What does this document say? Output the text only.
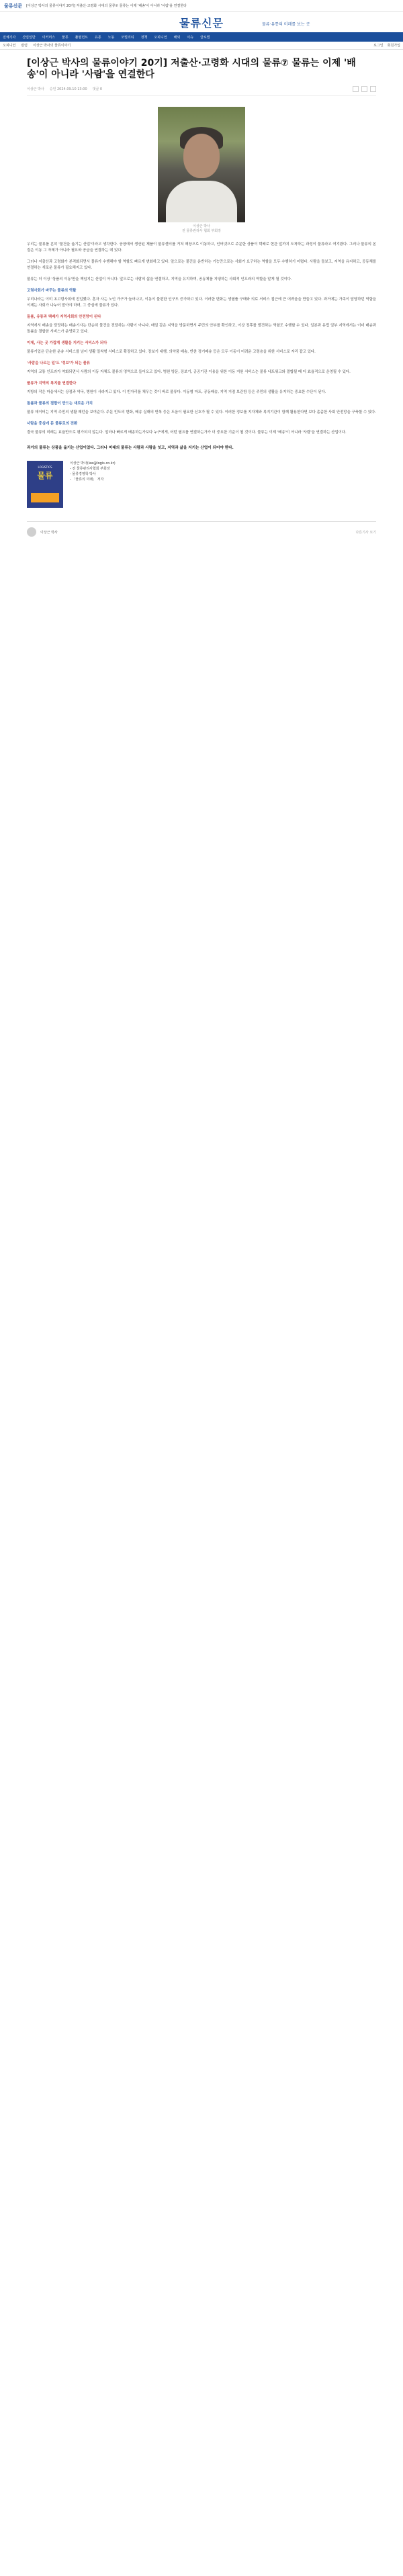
물류신문 [이상근 박사의 물류이야기 20기] 저출산·고령화 시대의 물류⑦ 물류는 이제 '배송'이 아니라 '사람'을 연결한다
물류신문	물류·유통의 미래를 보는 곳
전체기사 산업일반 이커머스 물류 풀필먼트 유통 노동 모빌리티 정책 오피니언 해외 이슈 글로벌
오피니언 칼럼 이상근 박사의 물류이야기	로그인 회원가입
[이상근 박사의 물류이야기 20기] 저출산·고령화 시대의 물류⑦ 물류는 이제 '배송'이 아니라 '사람'을 연결한다
이상근 박사 승인 2024.09.10 13:00 댓글 0
이상근 박사
전 물류관리사 협회 부회장

우리는 물류를 흔히 '물건을 옮기는 산업'이라고 생각한다. 공장에서 생산된 제품이 물류센터를 거쳐 매장으로 이동하고, 인터넷으로 주문한 상품이 택배로 현관 앞까지 도착하는 과정이 물류라고 여겨왔다. 그러나 물류의 본질은 이동 그 자체가 아니라 필요와 공급을 연결하는 데 있다.

그러나 저출산과 고령화가 본격화되면서 물류가 수행해야 할 역할도 빠르게 변화하고 있다. 앞으로는 물건을 운반하는 기능만으로는 사회가 요구하는 역할을 모두 수행하기 어렵다. 사람을 돌보고, 지역을 유지하고, 공동체를 연결하는 새로운 물류가 필요해지고 있다.

물류는 더 이상 '상품의 이동'만을 책임지는 산업이 아니다. 앞으로는 사람의 삶을 연결하고, 지역을 유지하며, 공동체를 지탱하는 사회적 인프라의 역할을 맡게 될 것이다.

고령사회가 바꾸는 물류의 역할

우리나라는 이미 초고령사회에 진입했다. 혼자 사는 노인 가구가 늘어나고, 이동이 불편한 인구도 증가하고 있다. 이러한 변화는 생필품 구매와 의료 서비스 접근에 큰 어려움을 만들고 있다. 과거에는 가족이 담당하던 역할을 이제는 사회가 나누어 맡아야 하며, 그 중심에 물류가 있다.

돌봄, 유통과 택배가 지역사회의 안전망이 된다

지역에서 배송을 담당하는 배송기사는 단순히 물건을 전달하는 사람이 아니다. 매일 같은 지역을 방문하면서 주민의 안부를 확인하고, 이상 징후를 발견하는 역할도 수행할 수 있다. 일본과 유럽 일부 지역에서는 이미 배송과 돌봄을 결합한 서비스가 운영되고 있다.

이제, 사는 곳 가깝게 생활을 지키는 서비스가 되다

물류기업은 단순한 운송 서비스를 넘어 생활 밀착형 서비스로 확장하고 있다. 장보기 대행, 의약품 배송, 반찬 정기배송 등은 모두 이동이 어려운 고령층을 위한 서비스로 자리 잡고 있다.

'사람을 나르는 일'도 '정보'가 되는 물류

지역의 교통 인프라가 약화되면서 사람의 이동 자체도 물류의 영역으로 들어오고 있다. 병원 방문, 장보기, 공공기관 이용을 위한 이동 지원 서비스는 물류 네트워크와 결합될 때 더 효율적으로 운영될 수 있다.

물류가 지역의 복지를 연결한다

지방의 작은 마을에서는 상점과 약국, 병원이 사라지고 있다. 이 빈자리를 채우는 것이 바로 물류다. 이동형 마트, 공동배송, 지역 거점 보관함 등은 주민의 생활을 유지하는 중요한 수단이 된다.

돌봄과 물류의 결합이 만드는 새로운 가치

물류 데이터는 지역 주민의 생활 패턴을 보여준다. 주문 빈도의 변화, 배송 실패의 반복 등은 도움이 필요한 신호가 될 수 있다. 이러한 정보를 지자체와 복지기관이 함께 활용한다면 보다 촘촘한 사회 안전망을 구축할 수 있다.

사람을 중심에 둔 물류로의 전환

결국 물류의 미래는 효율만으로 평가되지 않는다. 얼마나 빠르게 배송하는가보다 누구에게, 어떤 필요를 연결하는가가 더 중요한 기준이 될 것이다. 물류는 이제 '배송'이 아니라 '사람'을 연결하는 산업이다.

과거의 물류는 상품을 옮기는 산업이었다. 그러나 미래의 물류는 사람과 사람을 잇고, 지역과 삶을 지키는 산업이 되어야 한다.
LOGISTICS
물류
이상근 박사(lee@logis.co.kr)
- 전 물류관리사협회 부회장
- 물류경영학 박사
- 「물류의 미래」 저자
이상근 박사	다른기사 보기
